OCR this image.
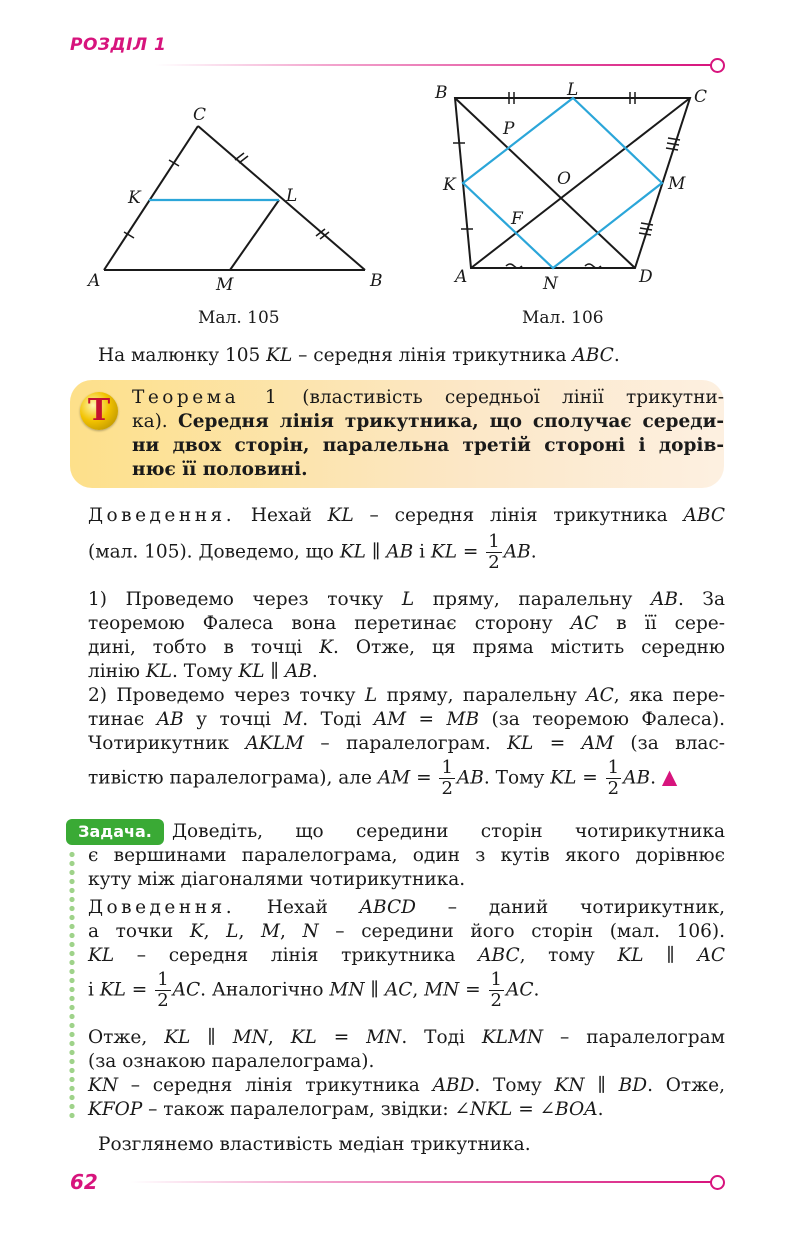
РОЗДІЛ 1
A
C
B
K	L
M
Мал. 105
B	C
L
P
O
K	M
F
A	N	D
Мал. 106
На малюнку 105 KL – середня лінія трикутника ABC.
T	Теорема 1 (властивість середньої лінії трикутни-
ка). Середня лінія трикутника, що сполучає середи-
ни двох сторін, паралельна третій стороні і дорів-
нює її половині.
Доведення. Нехай KL – середня лінія трикутника ABC
(мал. 105). Доведемо, що KL ∥ AB і KL = $\frac{1}{2}$ AB.
1) Проведемо через точку L пряму, паралельну AB. За
теоремою Фалеса вона перетинає сторону AC в її сере-
дині, тобто в точці K. Отже, ця пряма містить середню
лінію KL. Тому KL ∥ AB.
2) Проведемо через точку L пряму, паралельну AC, яка пере-
тинає AB у точці M. Тоді AM = MB (за теоремою Фалеса).
Чотирикутник AKLM – паралелограм. KL = AM (за влас-
тивістю паралелограма), але AM = $\frac{1}{2}$ AB. Тому KL = $\frac{1}{2}$ AB. ▲
Задача.	Доведіть, що середини сторін чотирикутника
є вершинами паралелограма, один з кутів якого дорівнює
куту між діагоналями чотирикутника.
Доведення. Нехай ABCD – даний чотирикутник,
а точки K, L, M, N – середини його сторін (мал. 106).
KL – середня лінія трикутника ABC, тому KL ∥ AC
і KL = $\frac{1}{2}$ AC. Аналогічно MN ∥ AC, MN = $\frac{1}{2}$ AC.
Отже, KL ∥ MN, KL = MN. Тоді KLMN – паралелограм
(за ознакою паралелограма).
KN – середня лінія трикутника ABD. Тому KN ∥ BD. Отже,
KFOP – також паралелограм, звідки: ∠NKL = ∠BOA.
Розглянемо властивість медіан трикутника.
62
